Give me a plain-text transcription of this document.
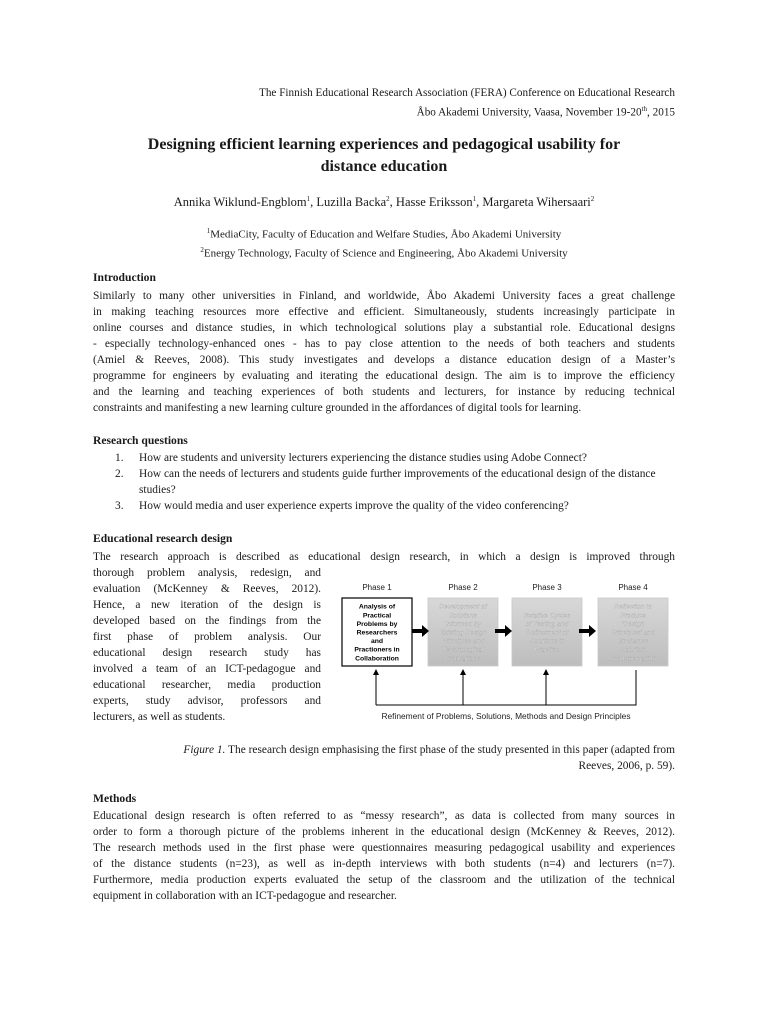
The Finnish Educational Research Association (FERA) Conference on Educational Research
Åbo Akademi University, Vaasa, November 19-20th, 2015
Designing efficient learning experiences and pedagogical usability for
distance education
Annika Wiklund-Engblom$^1$, Luzilla Backa$^2$, Hasse Eriksson$^1$, Margareta Wihersaari$^2$
$^1$MediaCity, Faculty of Education and Welfare Studies, Åbo Akademi University
$^2$Energy Technology, Faculty of Science and Engineering, Åbo Akademi University
Introduction
Similarly to many other universities in Finland, and worldwide, Åbo Akademi University faces a great challenge
in making teaching resources more effective and efficient. Simultaneously, students increasingly participate in
online courses and distance studies, in which technological solutions play a substantial role. Educational designs
- especially technology-enhanced ones - has to pay close attention to the needs of both teachers and students
(Amiel & Reeves, 2008). This study investigates and develops a distance education design of a Master’s
programme for engineers by evaluating and iterating the educational design. The aim is to improve the efficiency
and the learning and teaching experiences of both students and lecturers, for instance by reducing technical
constraints and manifesting a new learning culture grounded in the affordances of digital tools for learning.
Research questions
1. How are students and university lecturers experiencing the distance studies using Adobe Connect?
2. How can the needs of lecturers and students guide further improvements of the educational design of the distance studies?
3. How would media and user experience experts improve the quality of the video conferencing?
Educational research design
The research approach is described as educational design research, in which a design is improved through
thorough problem analysis, redesign, and
evaluation (McKenney & Reeves, 2012).
Hence, a new iteration of the design is
developed based on the findings from the
first phase of problem analysis. Our
educational design research study has
involved a team of an ICT-pedagogue and
educational researcher, media production
experts, study advisor, professors and
lecturers, as well as students.
Phase 1
Analysis of
Practical
Problems by
Researchers
and
Practioners in
Collaboration
Phase 2
Development of
Solutions
Informed by
Existing Design
Principles and
Technological
Innovations
Phase 3
Iterative Cycles
of Testing and
Refinement of
Solutions in
Practise
Phase 4
Reflection to
Produce
‘Design
Principles’ and
Enchance
Solution
Implementation
Refinement of Problems, Solutions, Methods and Design Principles
Figure 1. The research design emphasising the first phase of the study presented in this paper (adapted from
Reeves, 2006, p. 59).
Methods
Educational design research is often referred to as “messy research”, as data is collected from many sources in
order to form a thorough picture of the problems inherent in the educational design (McKenney & Reeves, 2012).
The research methods used in the first phase were questionnaires measuring pedagogical usability and experiences
of the distance students (n=23), as well as in-depth interviews with both students (n=4) and lecturers (n=7).
Furthermore, media production experts evaluated the setup of the classroom and the utilization of the technical
equipment in collaboration with an ICT-pedagogue and researcher.
